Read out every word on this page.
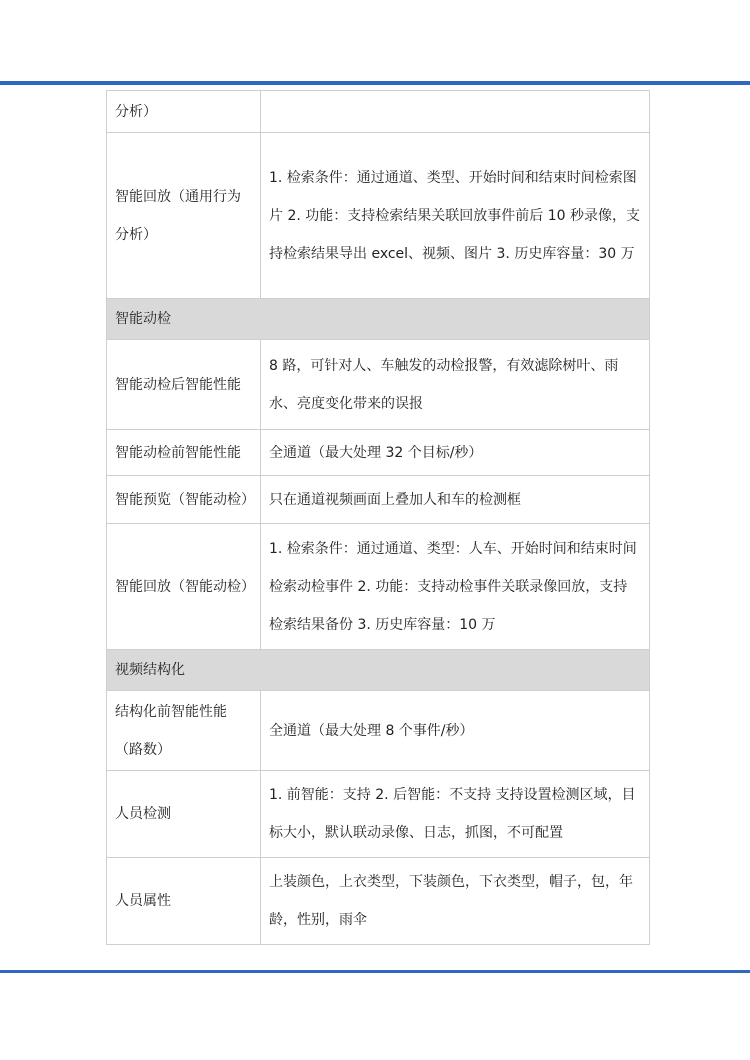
分析）	

智能回放（通用行为分析）	1. 检索条件：通过通道、类型、开始时间和结束时间检索图片 2. 功能：支持检索结果关联回放事件前后 10 秒录像，支持检索结果导出 excel、视频、图片 3. 历史库容量：30 万

智能动检	

智能动检后智能性能	8 路，可针对人、车触发的动检报警，有效滤除树叶、雨水、亮度变化带来的误报

智能动检前智能性能	全通道（最大处理 32 个目标/秒）

智能预览（智能动检）	只在通道视频画面上叠加人和车的检测框

智能回放（智能动检）	1. 检索条件：通过通道、类型：人车、开始时间和结束时间检索动检事件 2. 功能：支持动检事件关联录像回放，支持检索结果备份 3. 历史库容量：10 万

视频结构化	

结构化前智能性能（路数）	全通道（最大处理 8 个事件/秒）

人员检测	1. 前智能：支持 2. 后智能：不支持 支持设置检测区域，目标大小，默认联动录像、日志，抓图，不可配置

人员属性	上装颜色，上衣类型，下装颜色，下衣类型，帽子，包，年龄，性别，雨伞
